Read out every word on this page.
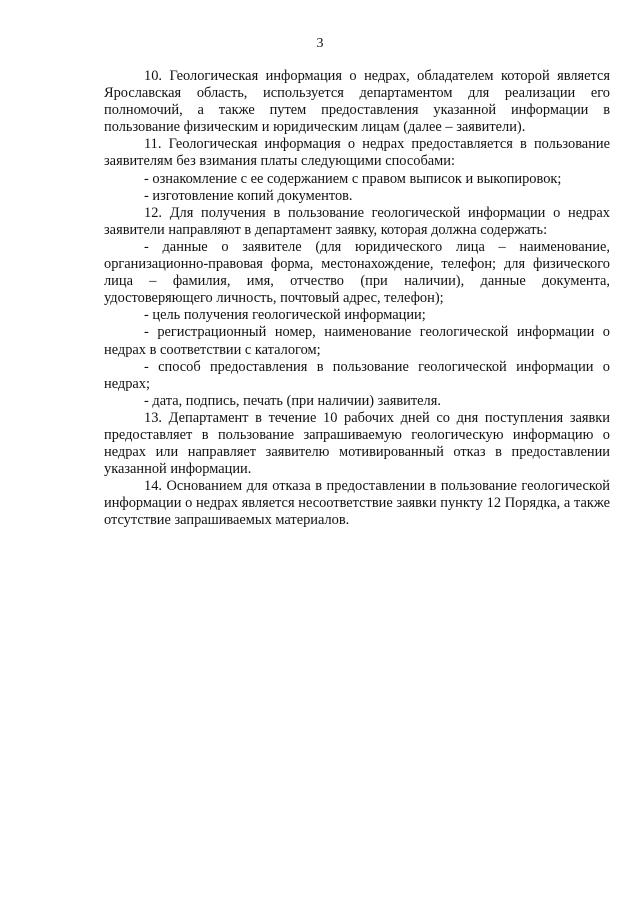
3

10. Геологическая информация о недрах, обладателем которой является Ярославская область, используется департаментом для реализации его полномочий, а также путем предоставления указанной информации в пользование физическим и юридическим лицам (далее – заявители).

11. Геологическая информация о недрах предоставляется в пользование заявителям без взимания платы следующими способами:

- ознакомление с ее содержанием с правом выписок и выкопировок;

- изготовление копий документов.

12. Для получения в пользование геологической информации о недрах заявители направляют в департамент заявку, которая должна содержать:

- данные о заявителе (для юридического лица – наименование, организационно-правовая форма, местонахождение, телефон; для физического лица – фамилия, имя, отчество (при наличии), данные документа, удостоверяющего личность, почтовый адрес, телефон);

- цель получения геологической информации;

- регистрационный номер, наименование геологической информации о недрах в соответствии с каталогом;

- способ предоставления в пользование геологической информации о недрах;

- дата, подпись, печать (при наличии) заявителя.

13. Департамент в течение 10 рабочих дней со дня поступления заявки предоставляет в пользование запрашиваемую геологическую информацию о недрах или направляет заявителю мотивированный отказ в предоставлении указанной информации.

14. Основанием для отказа в предоставлении в пользование геологической информации о недрах является несоответствие заявки пункту 12 Порядка, а также отсутствие запрашиваемых материалов.
